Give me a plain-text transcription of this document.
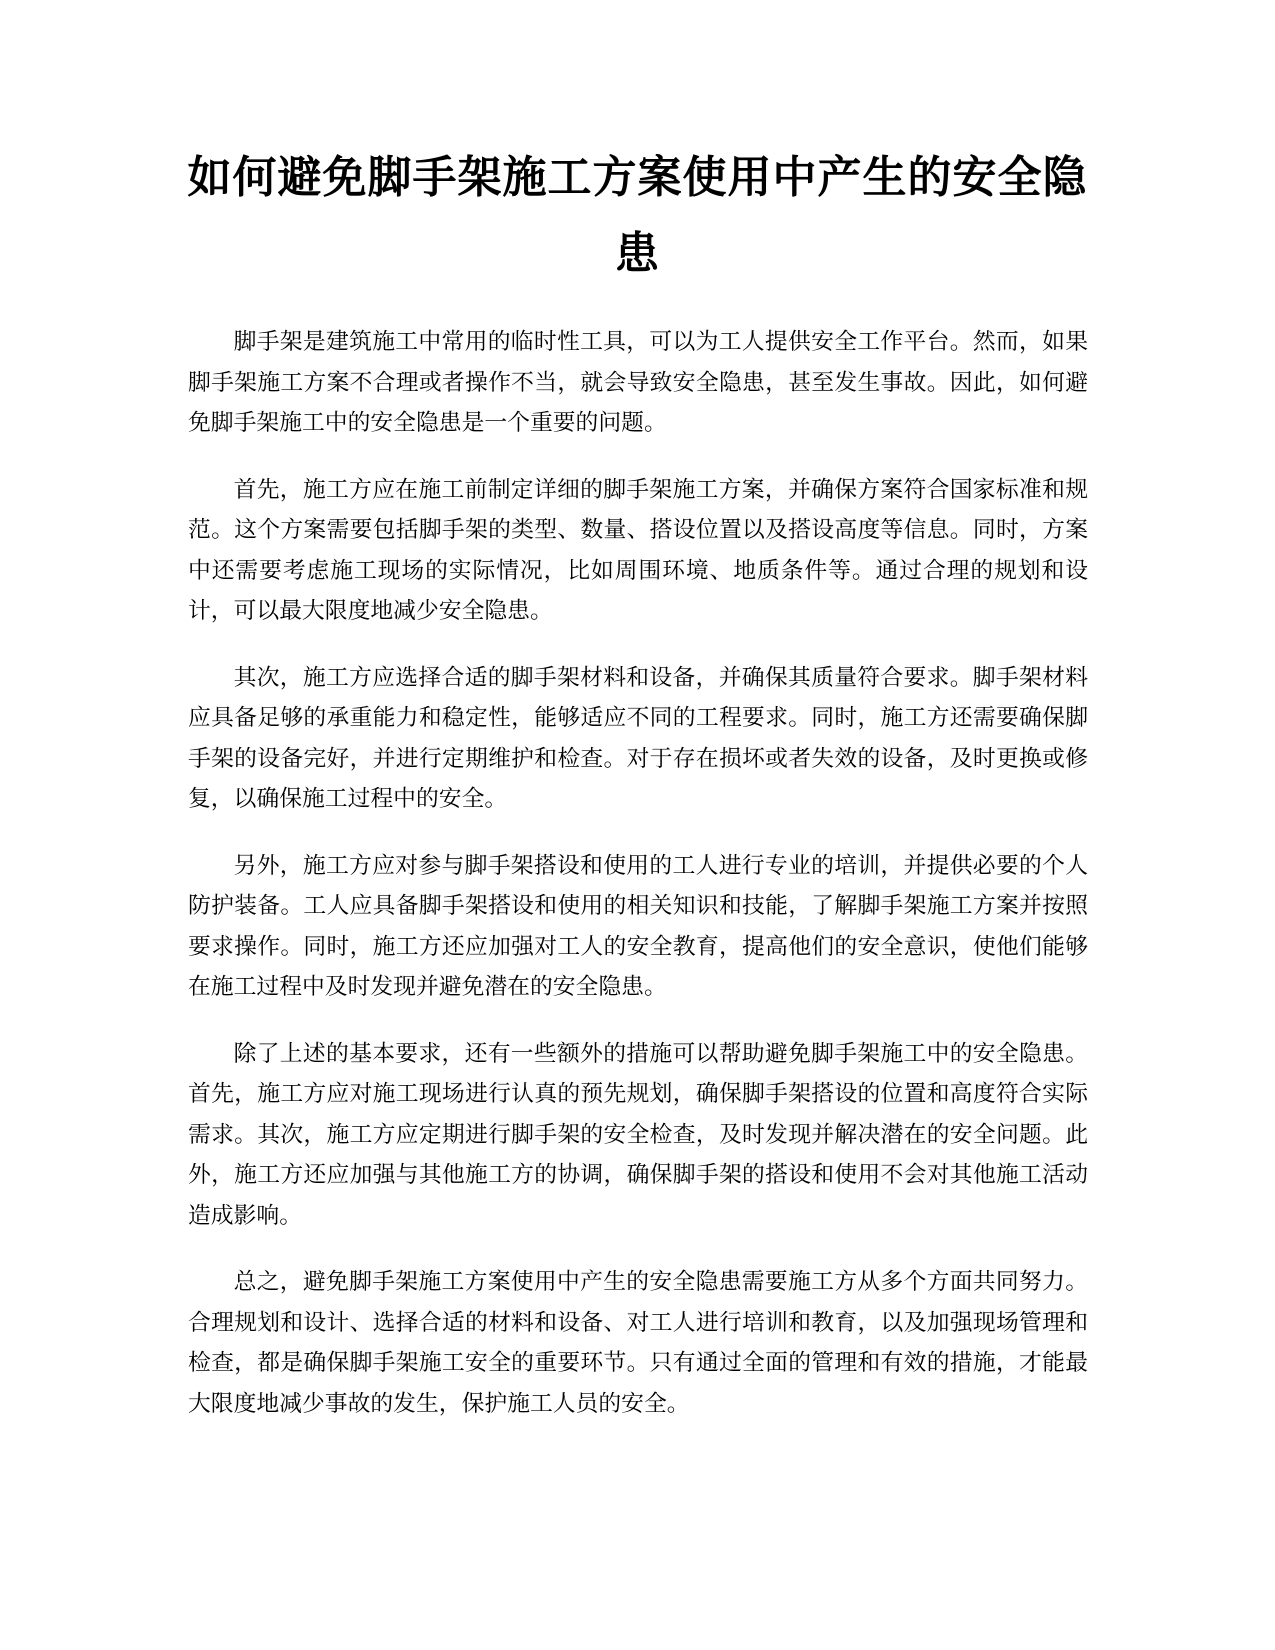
如何避免脚手架施工方案使用中产生的安全隐患

脚手架是建筑施工中常用的临时性工具，可以为工人提供安全工作平台。然而，如果脚手架施工方案不合理或者操作不当，就会导致安全隐患，甚至发生事故。因此，如何避免脚手架施工中的安全隐患是一个重要的问题。

首先，施工方应在施工前制定详细的脚手架施工方案，并确保方案符合国家标准和规范。这个方案需要包括脚手架的类型、数量、搭设位置以及搭设高度等信息。同时，方案中还需要考虑施工现场的实际情况，比如周围环境、地质条件等。通过合理的规划和设计，可以最大限度地减少安全隐患。

其次，施工方应选择合适的脚手架材料和设备，并确保其质量符合要求。脚手架材料应具备足够的承重能力和稳定性，能够适应不同的工程要求。同时，施工方还需要确保脚手架的设备完好，并进行定期维护和检查。对于存在损坏或者失效的设备，及时更换或修复，以确保施工过程中的安全。

另外，施工方应对参与脚手架搭设和使用的工人进行专业的培训，并提供必要的个人防护装备。工人应具备脚手架搭设和使用的相关知识和技能，了解脚手架施工方案并按照要求操作。同时，施工方还应加强对工人的安全教育，提高他们的安全意识，使他们能够在施工过程中及时发现并避免潜在的安全隐患。

除了上述的基本要求，还有一些额外的措施可以帮助避免脚手架施工中的安全隐患。首先，施工方应对施工现场进行认真的预先规划，确保脚手架搭设的位置和高度符合实际需求。其次，施工方应定期进行脚手架的安全检查，及时发现并解决潜在的安全问题。此外，施工方还应加强与其他施工方的协调，确保脚手架的搭设和使用不会对其他施工活动造成影响。

总之，避免脚手架施工方案使用中产生的安全隐患需要施工方从多个方面共同努力。合理规划和设计、选择合适的材料和设备、对工人进行培训和教育，以及加强现场管理和检查，都是确保脚手架施工安全的重要环节。只有通过全面的管理和有效的措施，才能最大限度地减少事故的发生，保护施工人员的安全。
